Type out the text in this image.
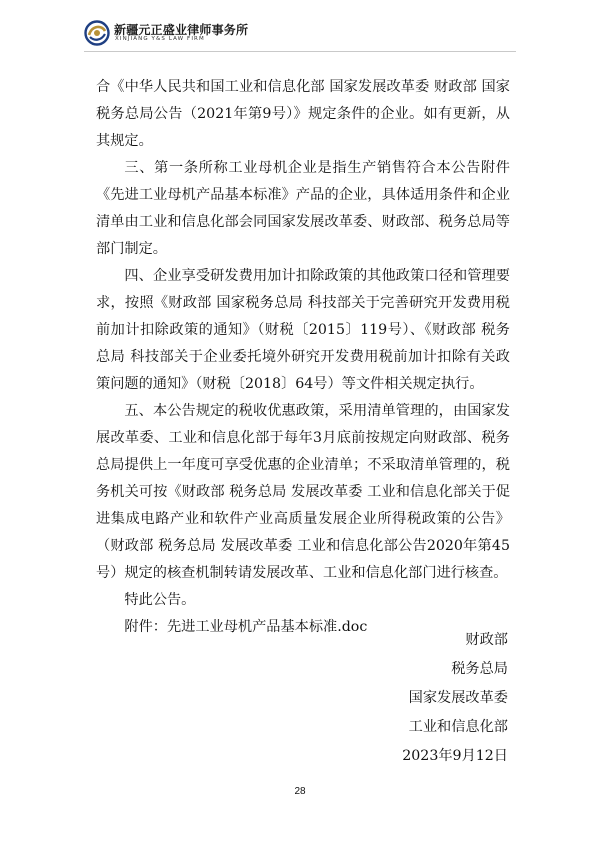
新疆元正盛业律师事务所
XINJIANG Y&S LAW FIRM

合《中华人民共和国工业和信息化部 国家发展改革委 财政部 国家税务总局公告（2021年第9号）》规定条件的企业。如有更新，从其规定。

三、第一条所称工业母机企业是指生产销售符合本公告附件《先进工业母机产品基本标准》产品的企业，具体适用条件和企业清单由工业和信息化部会同国家发展改革委、财政部、税务总局等部门制定。

四、企业享受研发费用加计扣除政策的其他政策口径和管理要求，按照《财政部 国家税务总局 科技部关于完善研究开发费用税前加计扣除政策的通知》（财税〔2015〕119号）、《财政部 税务总局 科技部关于企业委托境外研究开发费用税前加计扣除有关政策问题的通知》（财税〔2018〕64号）等文件相关规定执行。

五、本公告规定的税收优惠政策，采用清单管理的，由国家发展改革委、工业和信息化部于每年3月底前按规定向财政部、税务总局提供上一年度可享受优惠的企业清单；不采取清单管理的，税务机关可按《财政部 税务总局 发展改革委 工业和信息化部关于促进集成电路产业和软件产业高质量发展企业所得税政策的公告》（财政部 税务总局 发展改革委 工业和信息化部公告2020年第45号）规定的核查机制转请发展改革、工业和信息化部门进行核查。

特此公告。

附件：先进工业母机产品基本标准.doc

财政部
税务总局
国家发展改革委
工业和信息化部
2023年9月12日
28
